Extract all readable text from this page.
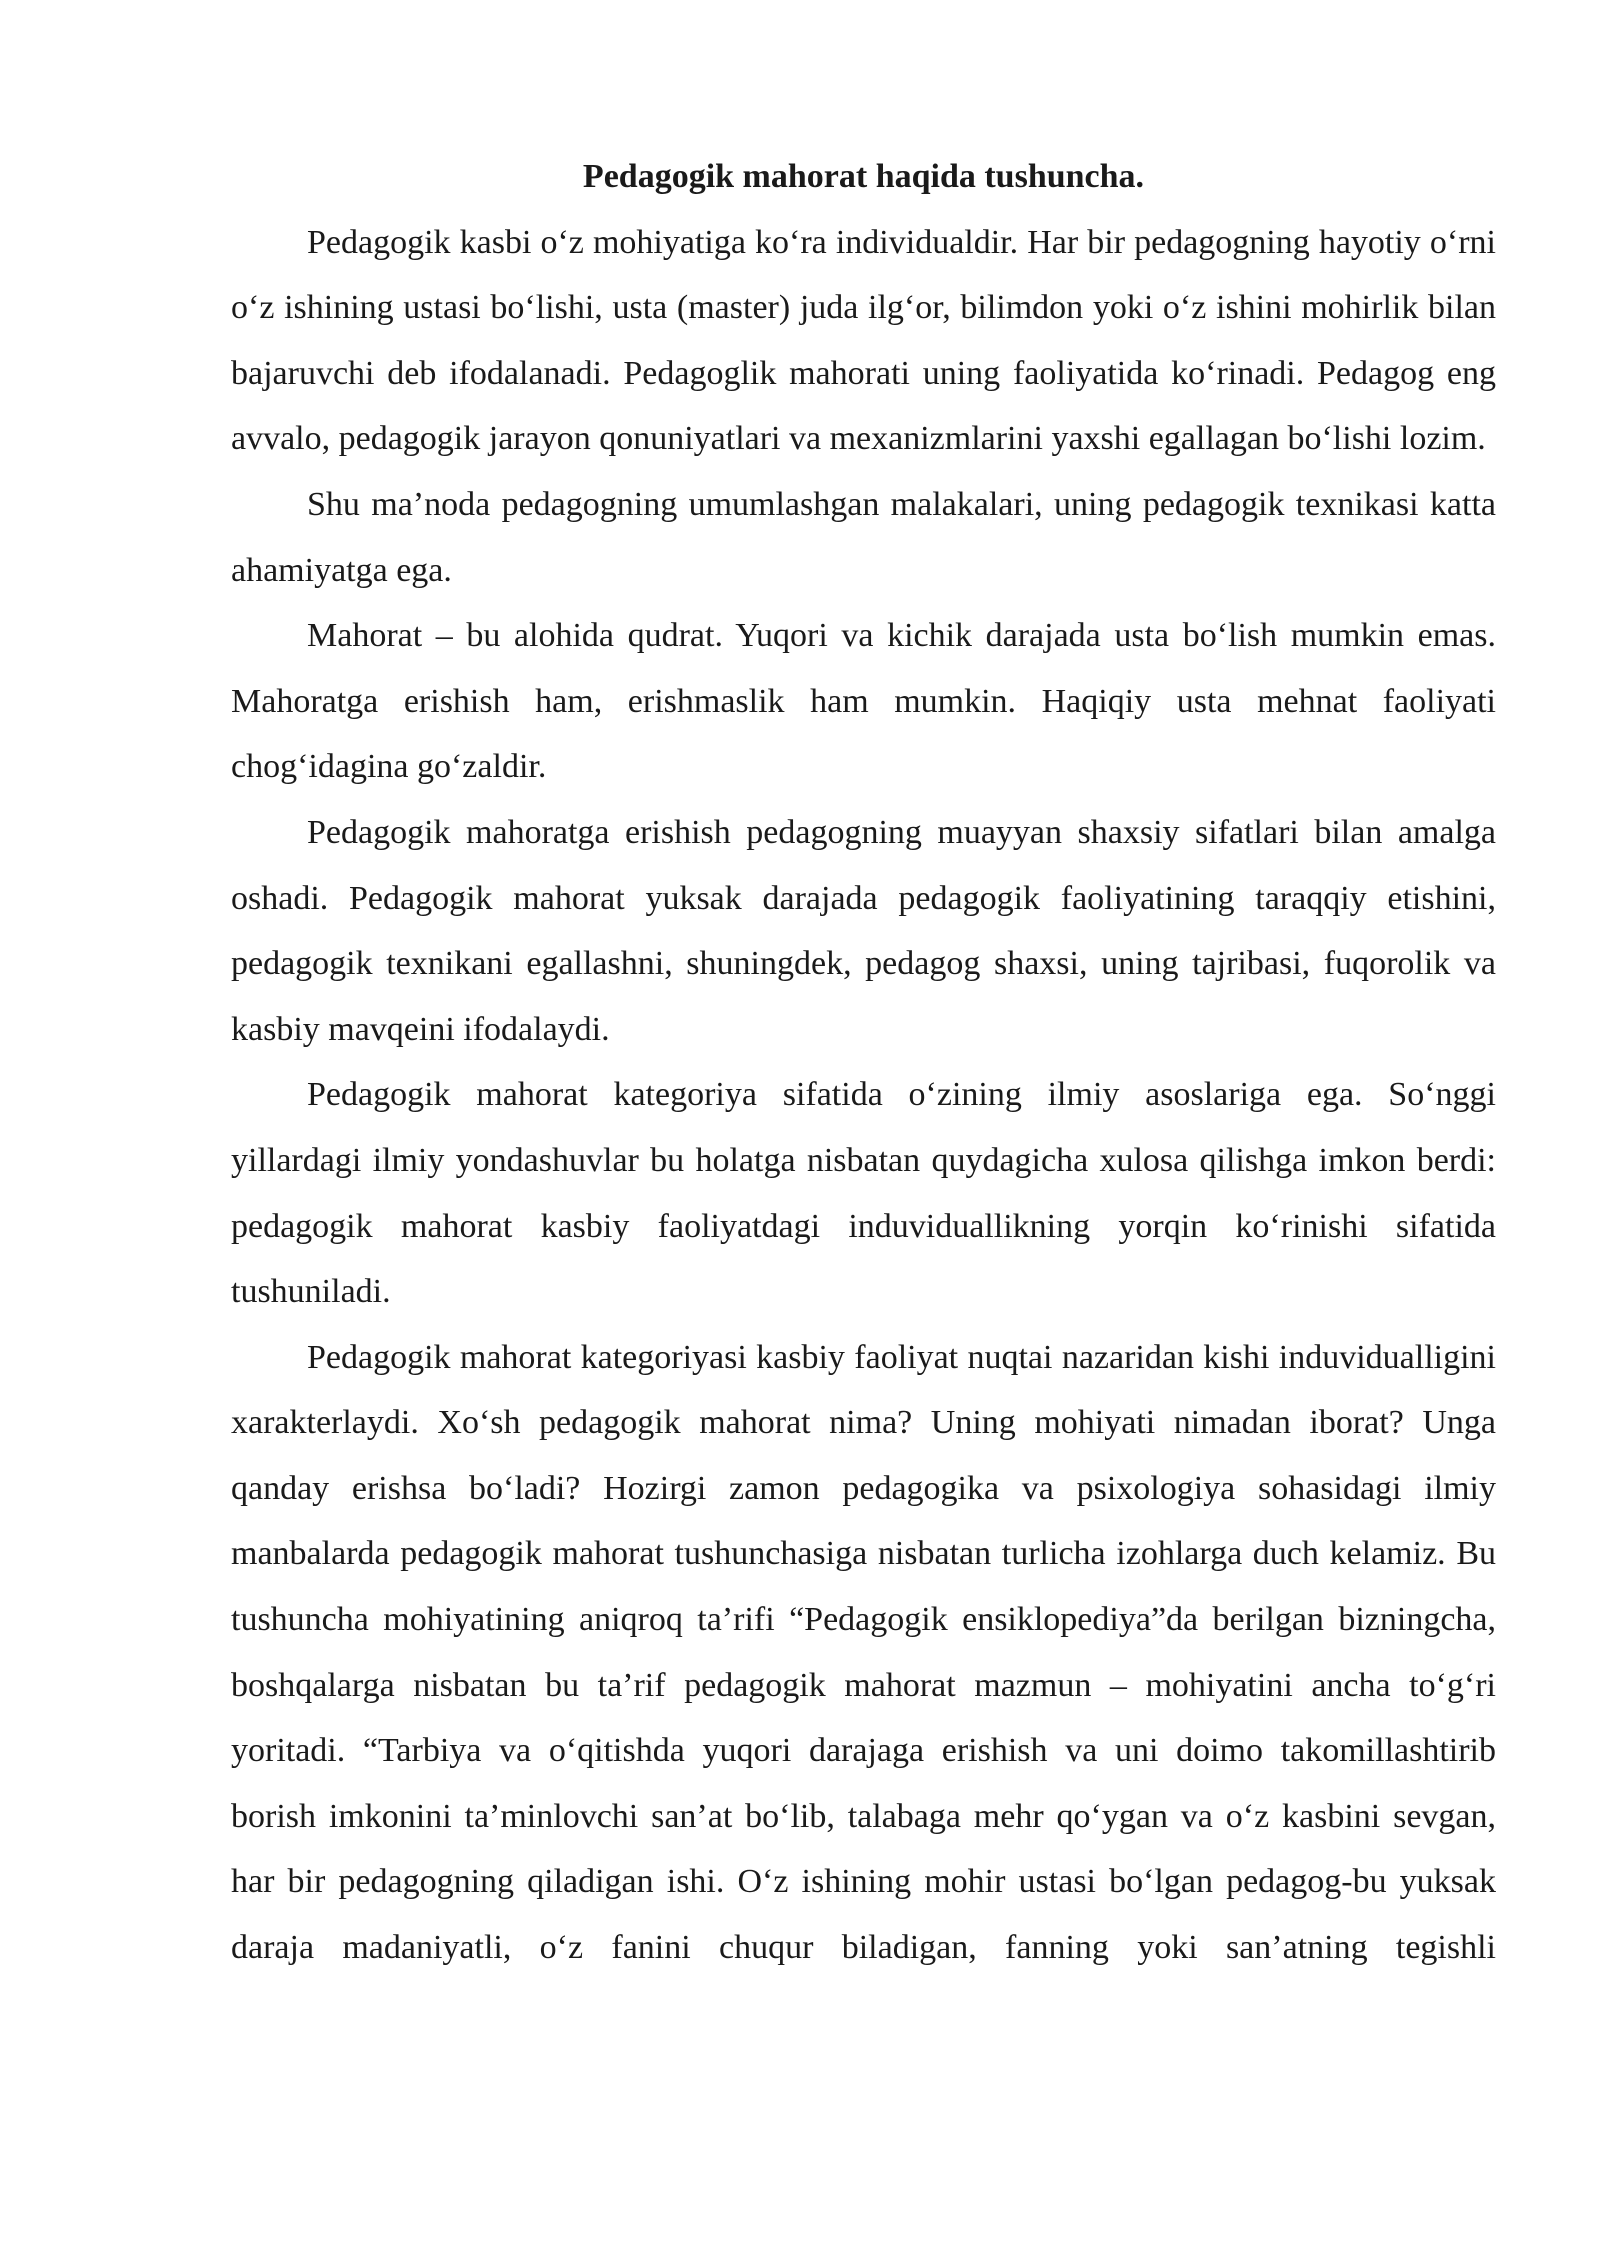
Pedagogik mahorat haqida tushuncha.

Pedagogik kasbi o‘z mohiyatiga ko‘ra individualdir. Har bir pedagogning hayotiy o‘rni o‘z ishining ustasi bo‘lishi, usta (master) juda ilg‘or, bilimdon yoki o‘z ishini mohirlik bilan bajaruvchi deb ifodalanadi. Pedagoglik mahorati uning faoliyatida ko‘rinadi. Pedagog eng avvalo, pedagogik jarayon qonuniyatlari va mexanizmlarini yaxshi egallagan bo‘lishi lozim.

Shu ma’noda pedagogning umumlashgan malakalari, uning pedagogik texnikasi katta ahamiyatga ega.

Mahorat – bu alohida qudrat. Yuqori va kichik darajada usta bo‘lish mumkin emas. Mahoratga erishish ham, erishmaslik ham mumkin. Haqiqiy usta mehnat faoliyati chog‘idagina go‘zaldir.

Pedagogik mahoratga erishish pedagogning muayyan shaxsiy sifatlari bilan amalga oshadi. Pedagogik mahorat yuksak darajada pedagogik faoliyatining taraqqiy etishini, pedagogik texnikani egallashni, shuningdek, pedagog shaxsi, uning tajribasi, fuqorolik va kasbiy mavqeini ifodalaydi.

Pedagogik mahorat kategoriya sifatida o‘zining ilmiy asoslariga ega. So‘nggi yillardagi ilmiy yondashuvlar bu holatga nisbatan quydagicha xulosa qilishga imkon berdi: pedagogik mahorat kasbiy faoliyatdagi induviduallikning yorqin ko‘rinishi sifatida tushuniladi.

Pedagogik mahorat kategoriyasi kasbiy faoliyat nuqtai nazaridan kishi induvidualligini xarakterlaydi. Xo‘sh pedagogik mahorat nima? Uning mohiyati nimadan iborat? Unga qanday erishsa bo‘ladi? Hozirgi zamon pedagogika va psixologiya sohasidagi ilmiy manbalarda pedagogik mahorat tushunchasiga nisbatan turlicha izohlarga duch kelamiz. Bu tushuncha mohiyatining aniqroq ta’rifi “Pedagogik ensiklopediya”da berilgan bizningcha, boshqalarga nisbatan bu ta’rif pedagogik mahorat mazmun – mohiyatini ancha to‘g‘ri yoritadi. “Tarbiya va o‘qitishda yuqori darajaga erishish va uni doimo takomillashtirib borish imkonini ta’minlovchi san’at bo‘lib, talabaga mehr qo‘ygan va o‘z kasbini sevgan, har bir pedagogning qiladigan ishi. O‘z ishining mohir ustasi bo‘lgan pedagog-bu yuksak daraja madaniyatli, o‘z fanini chuqur biladigan, fanning yoki san’atning tegishli
